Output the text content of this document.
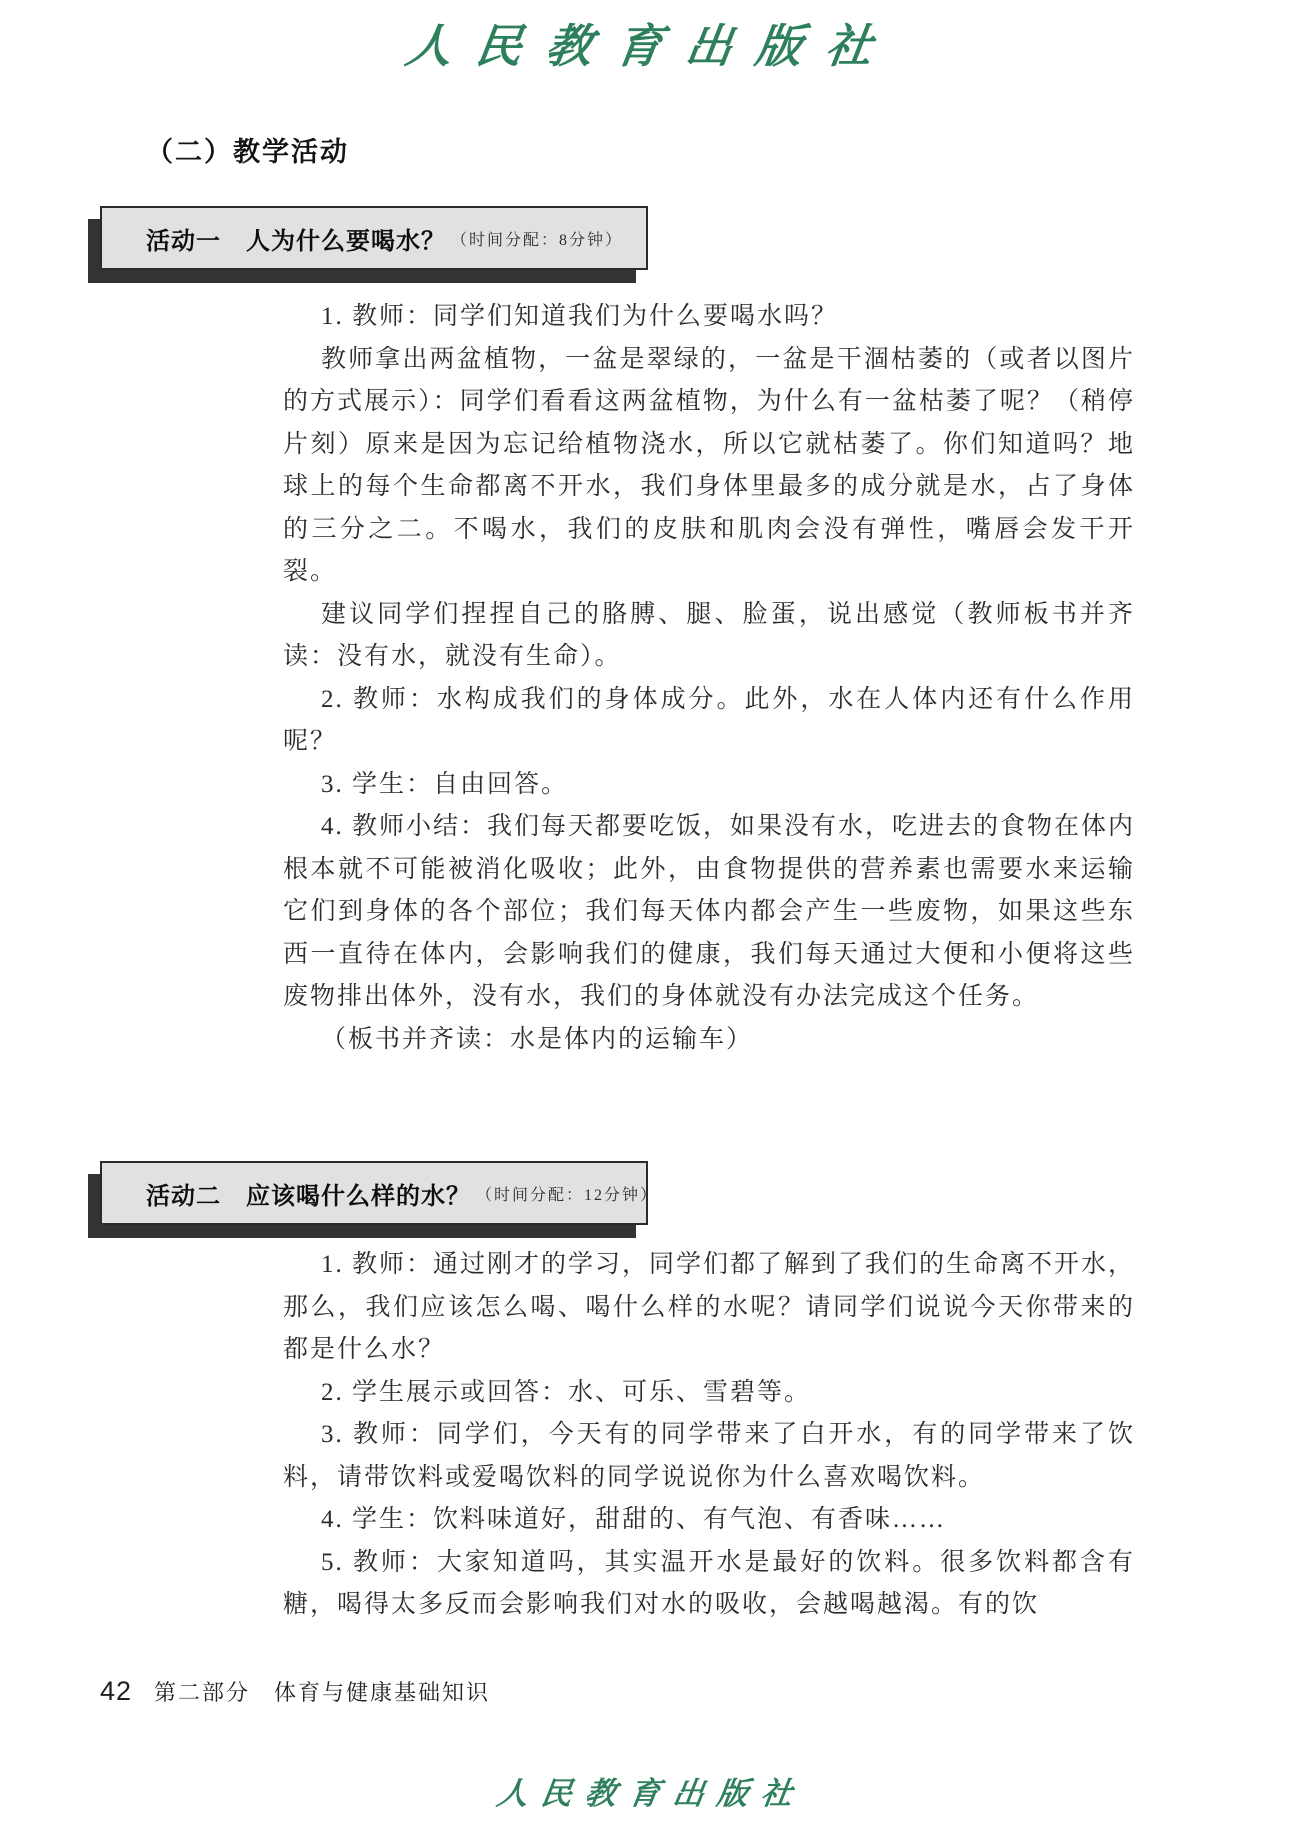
人民教育出版社
（二）教学活动
活动一　人为什么要喝水？ （时间分配：8分钟）

1. 教师：同学们知道我们为什么要喝水吗？

教师拿出两盆植物，一盆是翠绿的，一盆是干涸枯萎的（或者以图片的方式展示）：同学们看看这两盆植物，为什么有一盆枯萎了呢？（稍停片刻）原来是因为忘记给植物浇水，所以它就枯萎了。你们知道吗？地球上的每个生命都离不开水，我们身体里最多的成分就是水，占了身体的三分之二。不喝水，我们的皮肤和肌肉会没有弹性，嘴唇会发干开裂。

建议同学们捏捏自己的胳膊、腿、脸蛋，说出感觉（教师板书并齐读：没有水，就没有生命）。

2. 教师：水构成我们的身体成分。此外，水在人体内还有什么作用呢？

3. 学生：自由回答。

4. 教师小结：我们每天都要吃饭，如果没有水，吃进去的食物在体内根本就不可能被消化吸收；此外，由食物提供的营养素也需要水来运输它们到身体的各个部位；我们每天体内都会产生一些废物，如果这些东西一直待在体内，会影响我们的健康，我们每天通过大便和小便将这些废物排出体外，没有水，我们的身体就没有办法完成这个任务。

（板书并齐读：水是体内的运输车）

活动二　应该喝什么样的水？ （时间分配：12分钟）

1. 教师：通过刚才的学习，同学们都了解到了我们的生命离不开水，那么，我们应该怎么喝、喝什么样的水呢？请同学们说说今天你带来的都是什么水？

2. 学生展示或回答：水、可乐、雪碧等。

3. 教师：同学们，今天有的同学带来了白开水，有的同学带来了饮料，请带饮料或爱喝饮料的同学说说你为什么喜欢喝饮料。

4. 学生：饮料味道好，甜甜的、有气泡、有香味……

5. 教师：大家知道吗，其实温开水是最好的饮料。很多饮料都含有糖，喝得太多反而会影响我们对水的吸收，会越喝越渴。有的饮

42 第二部分　体育与健康基础知识
人民教育出版社
